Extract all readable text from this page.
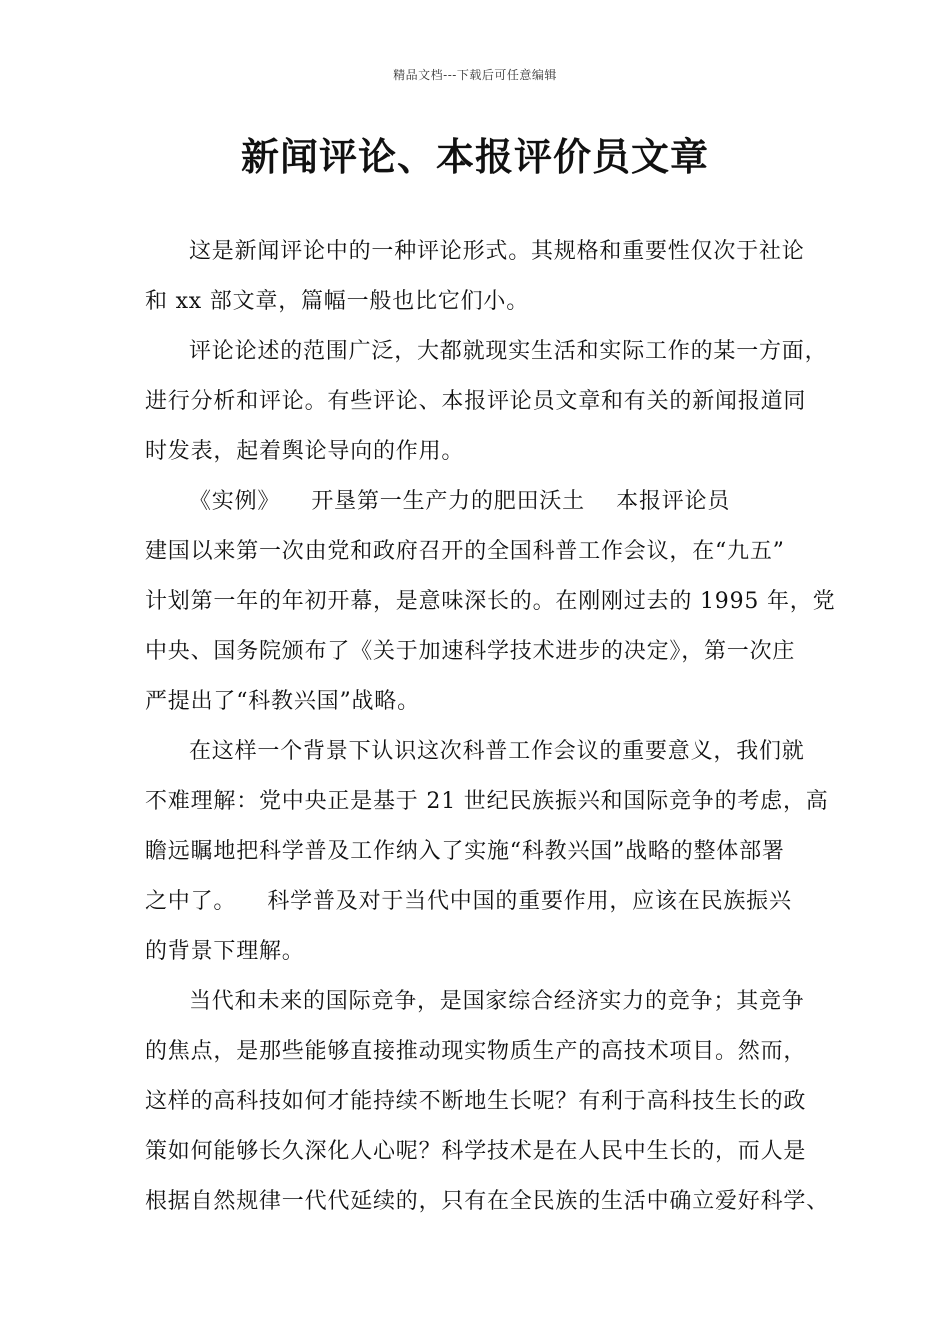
精品文档---下载后可任意编辑
新闻评论、本报评价员文章
这是新闻评论中的一种评论形式。其规格和重要性仅次于社论
和 xx 部文章，篇幅一般也比它们小。
评论论述的范围广泛，大都就现实生活和实际工作的某一方面，
进行分析和评论。有些评论、本报评论员文章和有关的新闻报道同
时发表，起着舆论导向的作用。
《实例》    开垦第一生产力的肥田沃土    本报评论员
建国以来第一次由党和政府召开的全国科普工作会议，在“九五”
计划第一年的年初开幕，是意味深长的。在刚刚过去的 1995 年，党
中央、国务院颁布了《关于加速科学技术进步的决定》，第一次庄
严提出了“科教兴国”战略。
在这样一个背景下认识这次科普工作会议的重要意义，我们就
不难理解：党中央正是基于 21 世纪民族振兴和国际竞争的考虑，高
瞻远瞩地把科学普及工作纳入了实施“科教兴国”战略的整体部署
之中了。    科学普及对于当代中国的重要作用，应该在民族振兴
的背景下理解。
当代和未来的国际竞争，是国家综合经济实力的竞争；其竞争
的焦点，是那些能够直接推动现实物质生产的高技术项目。然而，
这样的高科技如何才能持续不断地生长呢？有利于高科技生长的政
策如何能够长久深化人心呢？科学技术是在人民中生长的，而人是
根据自然规律一代代延续的，只有在全民族的生活中确立爱好科学、
